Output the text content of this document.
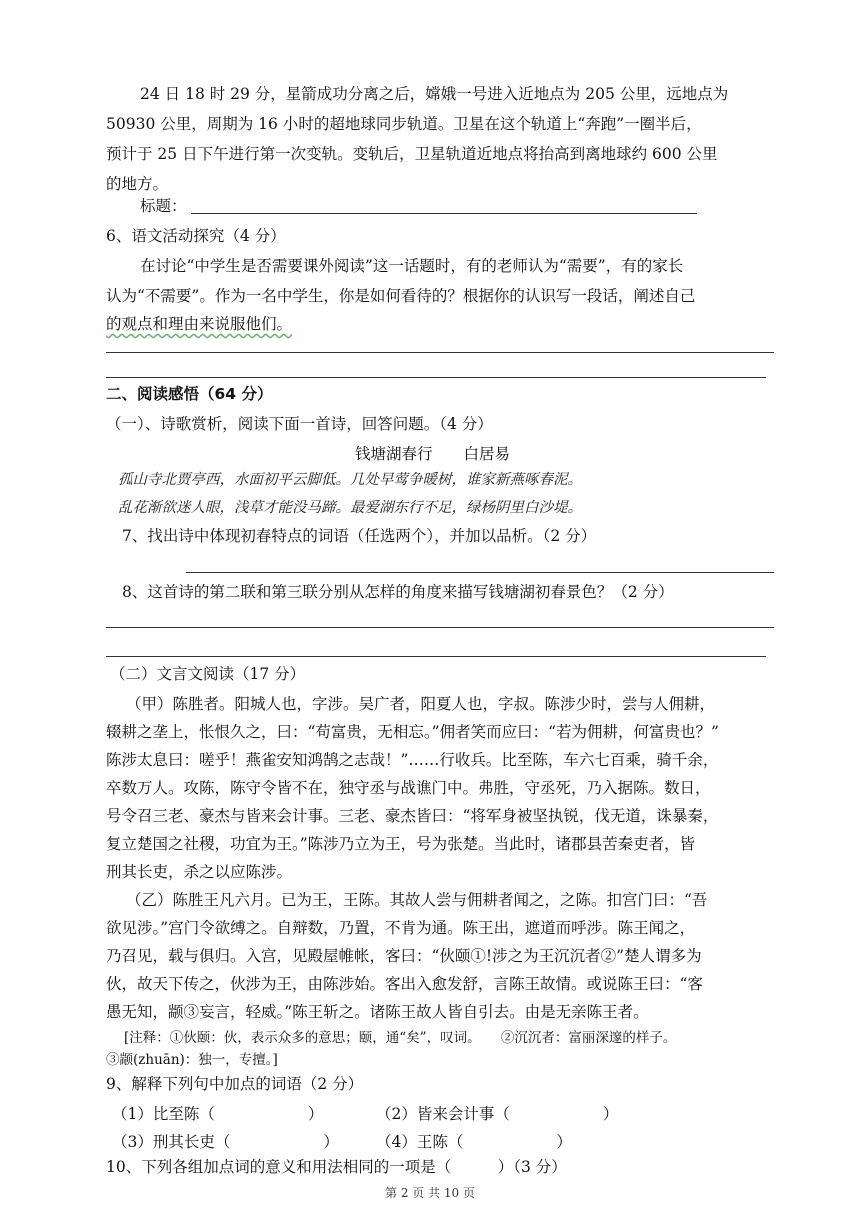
24 日 18 时 29 分，星箭成功分离之后，嫦娥一号进入近地点为 205 公里，远地点为
50930 公里，周期为 16 小时的超地球同步轨道。卫星在这个轨道上“奔跑”一圈半后，
预计于 25 日下午进行第一次变轨。变轨后，卫星轨道近地点将抬高到离地球约 600 公里
的地方。
标题：
6、语文活动探究（4 分）
在讨论“中学生是否需要课外阅读”这一话题时，有的老师认为“需要”，有的家长
认为“不需要”。作为一名中学生，你是如何看待的？根据你的认识写一段话，阐述自己
的观点和理由来说服他们。
二、阅读感悟（64 分）
（一）、诗歌赏析，阅读下面一首诗，回答问题。（4 分）
钱塘湖春行　　白居易
孤山寺北贾亭西，水面初平云脚低。几处早莺争暖树，谁家新燕啄春泥。
乱花渐欲迷人眼，浅草才能没马蹄。最爱湖东行不足，绿杨阴里白沙堤。
7、找出诗中体现初春特点的词语（任选两个），并加以品析。（2 分）
8、这首诗的第二联和第三联分别从怎样的角度来描写钱塘湖初春景色？（2 分）
（二）文言文阅读（17 分）
（甲）陈胜者。阳城人也，字涉。吴广者，阳夏人也，字叔。陈涉少时，尝与人佣耕，
辍耕之垄上，怅恨久之，曰：“苟富贵，无相忘。”佣者笑而应曰：“若为佣耕，何富贵也？”
陈涉太息曰：嗟乎！燕雀安知鸿鹄之志哉！”……行收兵。比至陈，车六七百乘，骑千余，
卒数万人。攻陈，陈守令皆不在，独守丞与战谯门中。弗胜，守丞死，乃入据陈。数日，
号令召三老、豪杰与皆来会计事。三老、豪杰皆曰：“将军身被坚执锐，伐无道，诛暴秦，
复立楚国之社稷，功宜为王。”陈涉乃立为王，号为张楚。当此时，诸郡县苦秦吏者，皆
刑其长吏，杀之以应陈涉。
（乙）陈胜王凡六月。已为王，王陈。其故人尝与佣耕者闻之，之陈。扣宫门曰：“吾
欲见涉。”宫门令欲缚之。自辩数，乃置，不肯为通。陈王出，遮道而呼涉。陈王闻之，
乃召见，载与俱归。入宫，见殿屋帷帐，客曰：“伙颐①!涉之为王沉沉者②”楚人谓多为
伙，故天下传之，伙涉为王，由陈涉始。客出入愈发舒，言陈王故情。或说陈王曰：“客
愚无知，颛③妄言，轻威。”陈王斩之。诸陈王故人皆自引去。由是无亲陈王者。
[注释：①伙颐：伙，表示众多的意思；颐，通“矣”，叹词。　　②沉沉者：富丽深邃的样子。
③颛(zhuān)：独一，专擅。]
9、解释下列句中加点的词语（2 分）
（1）比至陈（　　　　　　）	（2）皆来会计事（　　　　　　）
（3）刑其长吏（　　　　　　） （4）王陈（　　　　　　）
第 2 页 共 10 页
10、下列各组加点词的意义和用法相同的一项是（　　　）（3 分）
